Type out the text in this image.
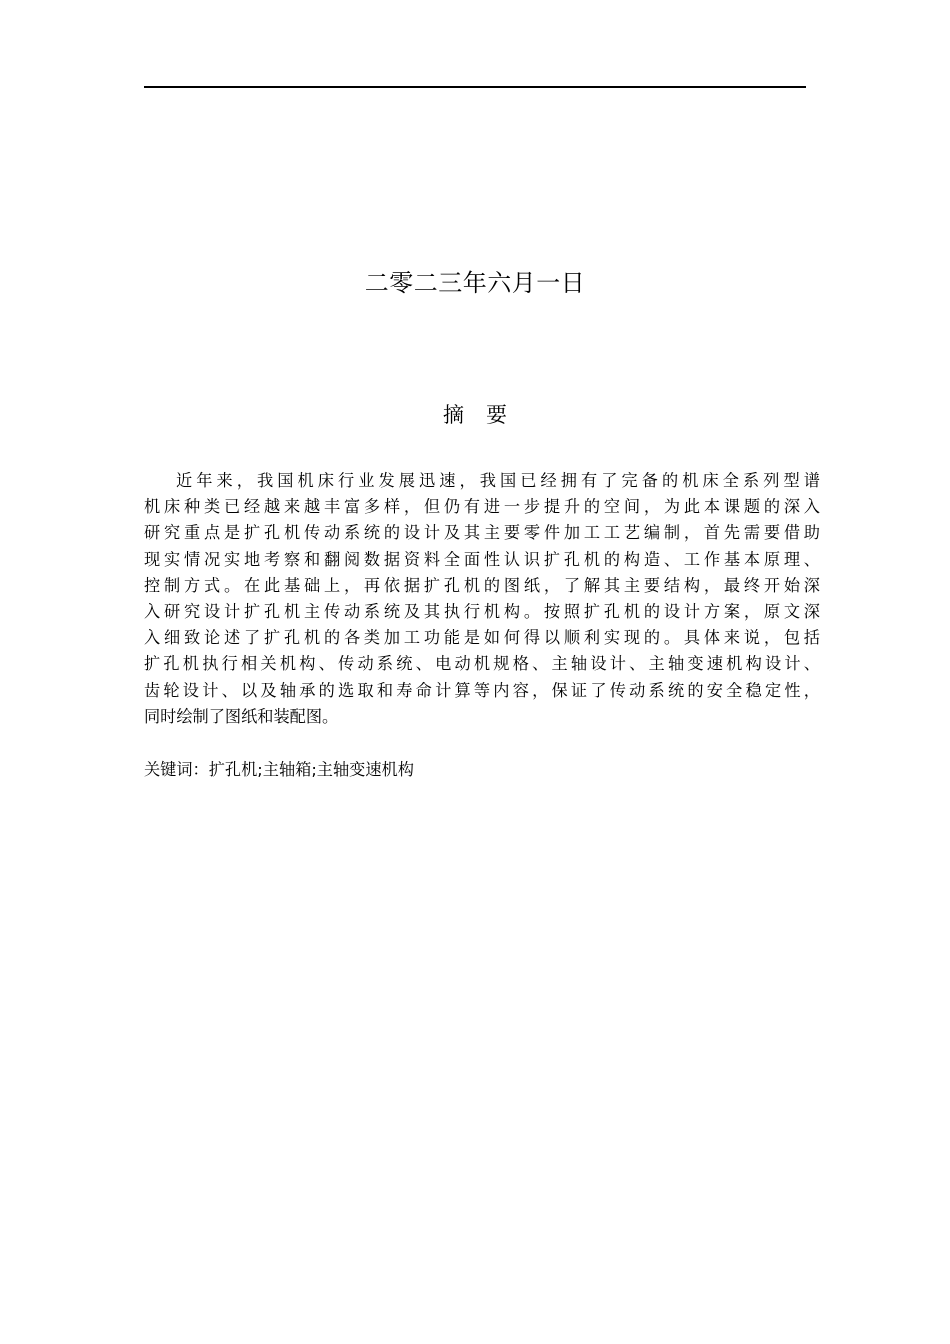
二零二三年六月一日
摘要
近年来，我国机床行业发展迅速，我国已经拥有了完备的机床全系列型谱
机床种类已经越来越丰富多样，但仍有进一步提升的空间，为此本课题的深入
研究重点是扩孔机传动系统的设计及其主要零件加工工艺编制，首先需要借助
现实情况实地考察和翻阅数据资料全面性认识扩孔机的构造、工作基本原理、
控制方式。在此基础上，再依据扩孔机的图纸，了解其主要结构，最终开始深
入研究设计扩孔机主传动系统及其执行机构。按照扩孔机的设计方案，原文深
入细致论述了扩孔机的各类加工功能是如何得以顺利实现的。具体来说，包括
扩孔机执行相关机构、传动系统、电动机规格、主轴设计、主轴变速机构设计、
齿轮设计、以及轴承的选取和寿命计算等内容，保证了传动系统的安全稳定性，
同时绘制了图纸和装配图。
关键词：扩孔机;主轴箱;主轴变速机构
